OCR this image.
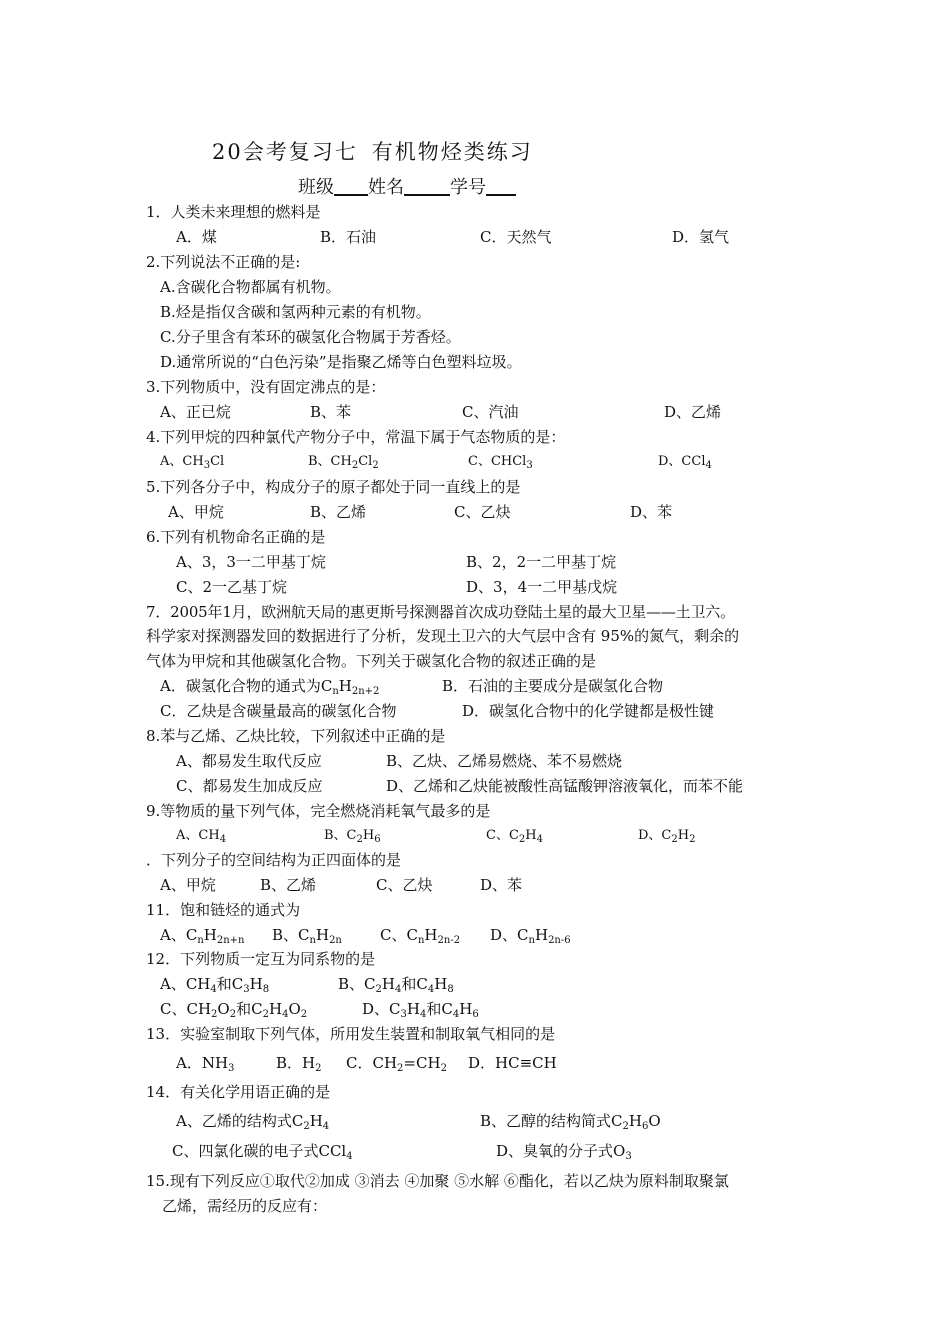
20会考复习七 有机物烃类练习
班级 姓名	学号
1．人类未来理想的燃料是
A．煤	B．石油	C．天然气	D．氢气
2.下列说法不正确的是:
A.含碳化合物都属有机物。
B.烃是指仅含碳和氢两种元素的有机物。
C.分子里含有苯环的碳氢化合物属于芳香烃。
D.通常所说的“白色污染”是指聚乙烯等白色塑料垃圾。
3.下列物质中，没有固定沸点的是：
A、正已烷	B、苯	C、汽油	D、乙烯
4.下列甲烷的四种氯代产物分子中，常温下属于气态物质的是：
A、$CH_3Cl$	B、$CH_2Cl_2$	C、CHCl$_3$	D、CCl$_4$
5.下列各分子中，构成分子的原子都处于同一直线上的是
A、甲烷	B、乙烯	C、乙炔	D、苯
6.下列有机物命名正确的是
A、3，3一二甲基丁烷	B、2，2一二甲基丁烷
C、2一乙基丁烷	D、3，4一二甲基戊烷
7．2005年1月，欧洲航天局的惠更斯号探测器首次成功登陆土星的最大卫星——土卫六。
科学家对探测器发回的数据进行了分析，发现土卫六的大气层中含有 95%的氮气，剩余的
气体为甲烷和其他碳氢化合物。下列关于碳氢化合物的叙述正确的是
A．碳氢化合物的通式为$C_nH_{2n+2}$	B．石油的主要成分是碳氢化合物
C．乙炔是含碳量最高的碳氢化合物	D．碳氢化合物中的化学键都是极性键
8.苯与乙烯、乙炔比较，下列叙述中正确的是
A、都易发生取代反应	B、乙炔、乙烯易燃烧、苯不易燃烧
C、都易发生加成反应	D、乙烯和乙炔能被酸性高锰酸钾溶液氧化，而苯不能
9.等物质的量下列气体，完全燃烧消耗氧气最多的是
A、$CH_4$	B、$C_2H_6$	C、$C_2H_4$	D、$C_2H_2$
．下列分子的空间结构为正四面体的是
A、甲烷	B、乙烯	C、乙炔	D、苯
11．饱和链烃的通式为
A、$C_nH_{2n+n}$ B、$C_nH_{2n}$	C、$C_nH_{2n-2}$ D、$C_nH_{2n-6}$
12．下列物质一定互为同系物的是
A、$CH_4$和$C_3H_8$	B、$C_2H_4$和$C_4H_8$
C、$CH_2O_2$和$C_2H_4O_2$	D、$C_3H_4$和$C_4H_6$
13．实验室制取下列气体，所用发生装置和制取氧气相同的是
A．$NH_3$	B．$H_2$ C．$CH_2=CH_2$ D．HC≡CH
14．有关化学用语正确的是
A、乙烯的结构式$C_2H_4$	B、乙醇的结构简式$C_2H_6O$
C、四氯化碳的电子式CCl$_4$	D、臭氧的分子式$O_3$
15.现有下列反应①取代②加成 ③消去 ④加聚 ⑤水解 ⑥酯化，若以乙炔为原料制取聚氯
乙烯，需经历的反应有：
